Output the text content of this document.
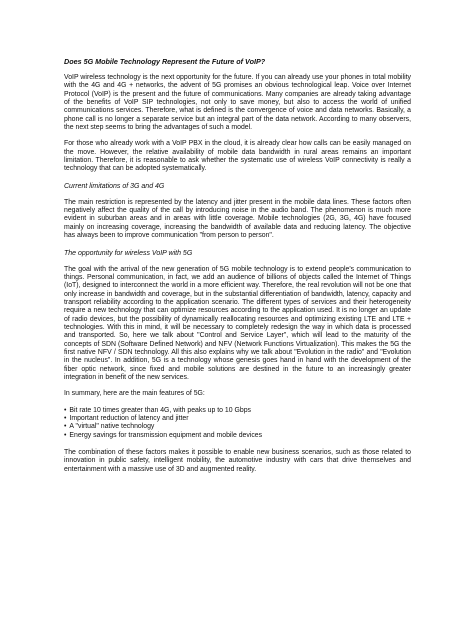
Does 5G Mobile Technology Represent the Future of VoIP?

VoIP wireless technology is the next opportunity for the future. If you can already use your phones in total mobility with the 4G and 4G + networks, the advent of 5G promises an obvious technological leap. Voice over Internet Protocol (VoIP) is the present and the future of communications. Many companies are already taking advantage of the benefits of VoIP SIP technologies, not only to save money, but also to access the world of unified communications services. Therefore, what is defined is the convergence of voice and data networks. Basically, a phone call is no longer a separate service but an integral part of the data network. According to many observers, the next step seems to bring the advantages of such a model.

For those who already work with a VoIP PBX in the cloud, it is already clear how calls can be easily managed on the move. However, the relative availability of mobile data bandwidth in rural areas remains an important limitation. Therefore, it is reasonable to ask whether the systematic use of wireless VoIP connectivity is really a technology that can be adopted systematically.

Current limitations of 3G and 4G

The main restriction is represented by the latency and jitter present in the mobile data lines. These factors often negatively affect the quality of the call by introducing noise in the audio band. The phenomenon is much more evident in suburban areas and in areas with little coverage. Mobile technologies (2G, 3G, 4G) have focused mainly on increasing coverage, increasing the bandwidth of available data and reducing latency. The objective has always been to improve communication "from person to person".

The opportunity for wireless VoIP with 5G

The goal with the arrival of the new generation of 5G mobile technology is to extend people's communication to things. Personal communication, in fact, we add an audience of billions of objects called the Internet of Things (IoT), designed to interconnect the world in a more efficient way. Therefore, the real revolution will not be one that only increase in bandwidth and coverage, but in the substantial differentiation of bandwidth, latency, capacity and transport reliability according to the application scenario. The different types of services and their heterogeneity require a new technology that can optimize resources according to the application used. It is no longer an update of radio devices, but the possibility of dynamically reallocating resources and optimizing existing LTE and LTE + technologies. With this in mind, it will be necessary to completely redesign the way in which data is processed and transported. So, here we talk about "Control and Service Layer", which will lead to the maturity of the concepts of SDN (Software Defined Network) and NFV (Network Functions Virtualization). This makes the 5G the first native NFV / SDN technology. All this also explains why we talk about "Evolution in the radio" and "Evolution in the nucleus". In addition, 5G is a technology whose genesis goes hand in hand with the development of the fiber optic network, since fixed and mobile solutions are destined in the future to an increasingly greater integration in benefit of the new services.

In summary, here are the main features of 5G:

• Bit rate 10 times greater than 4G, with peaks up to 10 Gbps
• Important reduction of latency and jitter
• A "virtual" native technology
• Energy savings for transmission equipment and mobile devices

The combination of these factors makes it possible to enable new business scenarios, such as those related to innovation in public safety, intelligent mobility, the automotive industry with cars that drive themselves and entertainment with a massive use of 3D and augmented reality.
